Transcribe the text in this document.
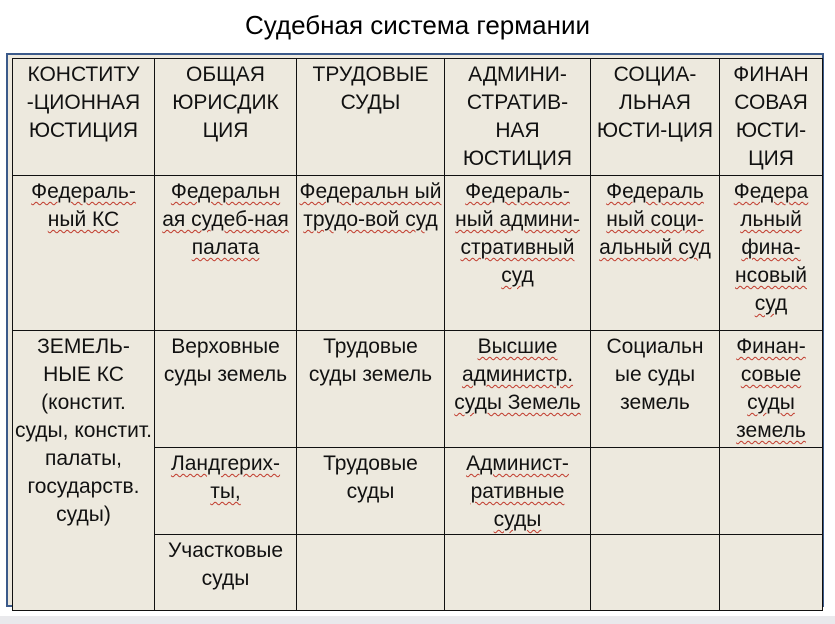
Судебная система германии
КОНСТИТУ -ЦИОННАЯ ЮСТИЦИЯ	ОБЩАЯ ЮРИСДИК ЦИЯ	ТРУДОВЫЕ СУДЫ	АДМИНИ-СТРАТИВ-НАЯ ЮСТИЦИЯ	СОЦИА-ЛЬНАЯ ЮСТИ-ЦИЯ	ФИНАН СОВАЯ ЮСТИ-ЦИЯ
Федераль-ный КС	Федеральн ая судеб-ная палата	Федеральн ый трудо-вой суд	Федераль-ный админи-стративный суд	Федераль ный соци-альный суд	Федера льный фина-нсовый суд
ЗЕМЕЛЬ-НЫЕ КС (констит. суды, констит. палаты, государств. суды)	Верховные суды земель	Трудовые суды земель	Высшие администр. суды Земель	Социальн ые суды земель	Финан-совые суды земель
	Ландгерих-ты,	Трудовые суды	Админист-ративные суды		
	Участковые суды				
